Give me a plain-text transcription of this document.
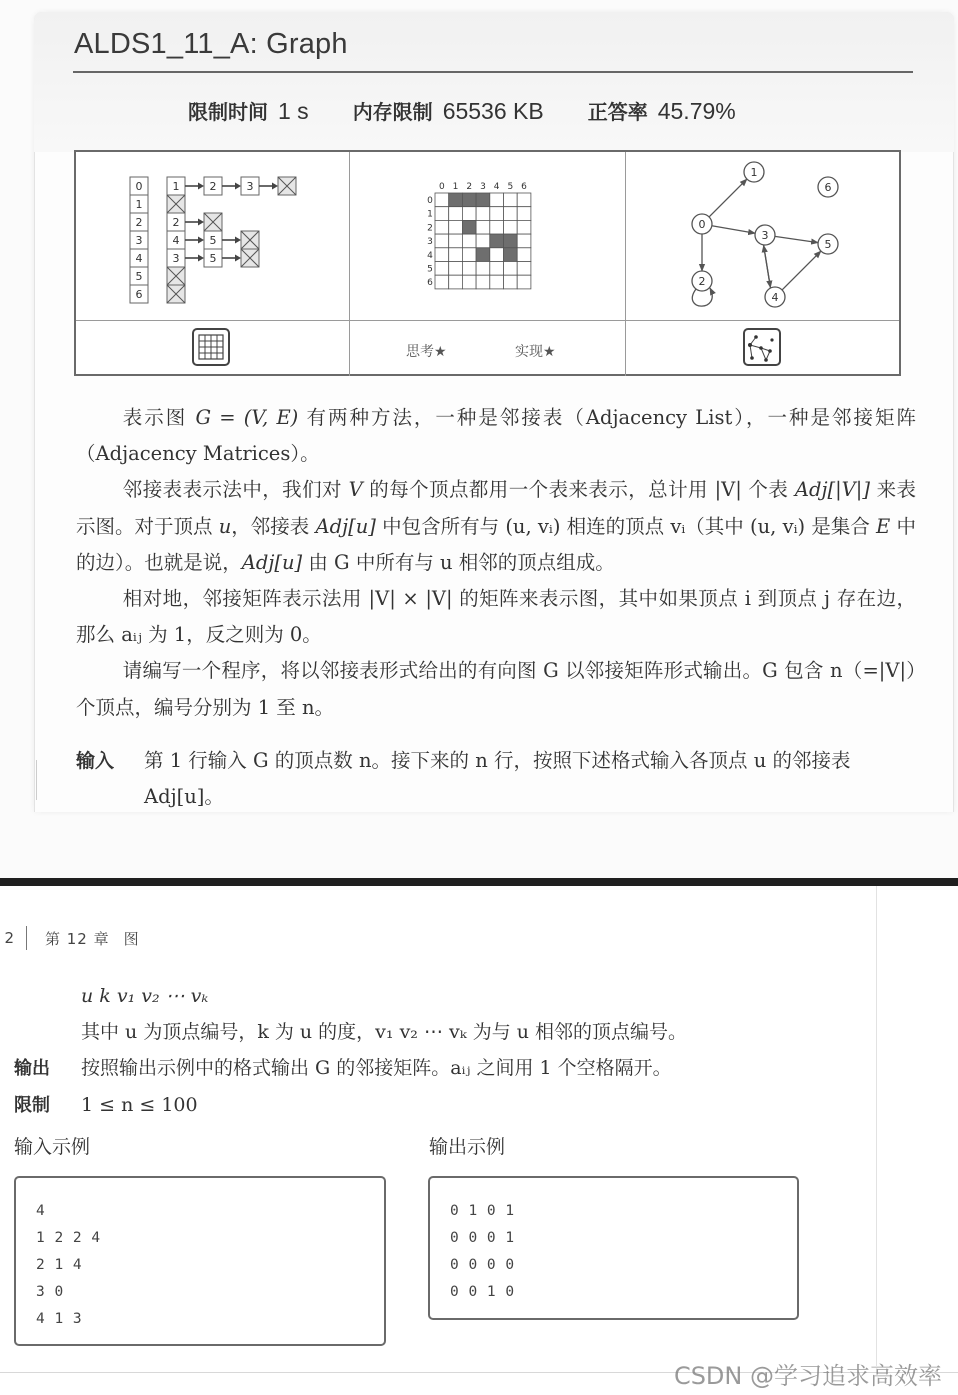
ALDS1_11_A: Graph
限制时间 1 s 内存限制 65536 KB 正答率 45.79%
0	1	2	3
1
2	2
3	4	5
4	3	5
5
6
0
0
1
1
2
2
3
3
4
4
5
5
6
6
0
1
2
3
4
5
6
思考★	实现★

表示图 G = (V, E) 有两种方法，一种是邻接表（Adjacency List），一种是邻接矩阵（Adjacency Matrices）。

邻接表表示法中，我们对 V 的每个顶点都用一个表来表示，总计用 |V| 个表 Adj[|V|] 来表示图。对于顶点 u，邻接表 Adj[u] 中包含所有与 (u, vᵢ) 相连的顶点 vᵢ（其中 (u, vᵢ) 是集合 E 中的边）。也就是说，Adj[u] 由 G 中所有与 u 相邻的顶点组成。

相对地，邻接矩阵表示法用 |V| × |V| 的矩阵来表示图，其中如果顶点 i 到顶点 j 存在边，那么 aᵢⱼ 为 1，反之则为 0。

请编写一个程序，将以邻接表形式给出的有向图 G 以邻接矩阵形式输出。G 包含 n（=|V|）个顶点，编号分别为 1 至 n。

输入 第 1 行输入 G 的顶点数 n。接下来的 n 行，按照下述格式输入各顶点 u 的邻接表 Adj[u]。
2 第 12 章 图
u k v₁ v₂ ⋯ vₖ
其中 u 为顶点编号，k 为 u 的度，v₁ v₂ ⋯ vₖ 为与 u 相邻的顶点编号。
输出 按照输出示例中的格式输出 G 的邻接矩阵。aᵢⱼ 之间用 1 个空格隔开。
限制 1 ≤ n ≤ 100
输入示例
4
1 2 2 4
2 1 4
3 0
4 1 3
输出示例
0 1 0 1
0 0 0 1
0 0 0 0
0 0 1 0
CSDN @学习追求高效率
